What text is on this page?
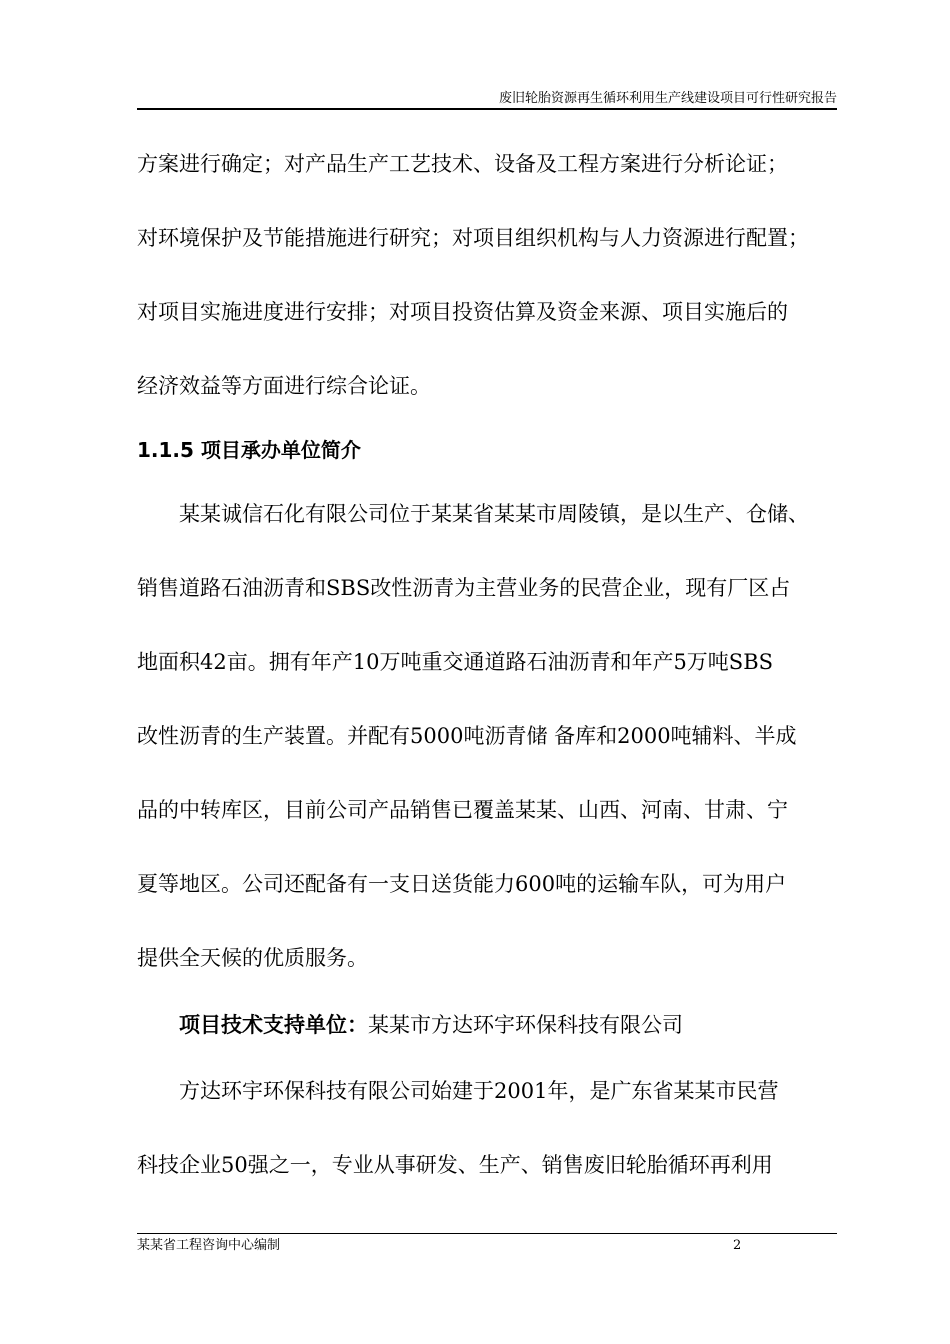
废旧轮胎资源再生循环利用生产线建设项目可行性研究报告
方案进行确定；对产品生产工艺技术、设备及工程方案进行分析论证；
对环境保护及节能措施进行研究；对项目组织机构与人力资源进行配置；
对项目实施进度进行安排；对项目投资估算及资金来源、项目实施后的
经济效益等方面进行综合论证。
1.1.5 项目承办单位简介
某某诚信石化有限公司位于某某省某某市周陵镇，是以生产、仓储、
销售道路石油沥青和SBS改性沥青为主营业务的民营企业，现有厂区占
地面积42亩。拥有年产10万吨重交通道路石油沥青和年产5万吨SBS
改性沥青的生产装置。并配有5000吨沥青储 备库和2000吨辅料、半成
品的中转库区，目前公司产品销售已覆盖某某、山西、河南、甘肃、宁
夏等地区。公司还配备有一支日送货能力600吨的运输车队，可为用户
提供全天候的优质服务。
项目技术支持单位：某某市方达环宇环保科技有限公司
方达环宇环保科技有限公司始建于2001年，是广东省某某市民营
科技企业50强之一，专业从事研发、生产、销售废旧轮胎循环再利用
某某省工程咨询中心编制	2
